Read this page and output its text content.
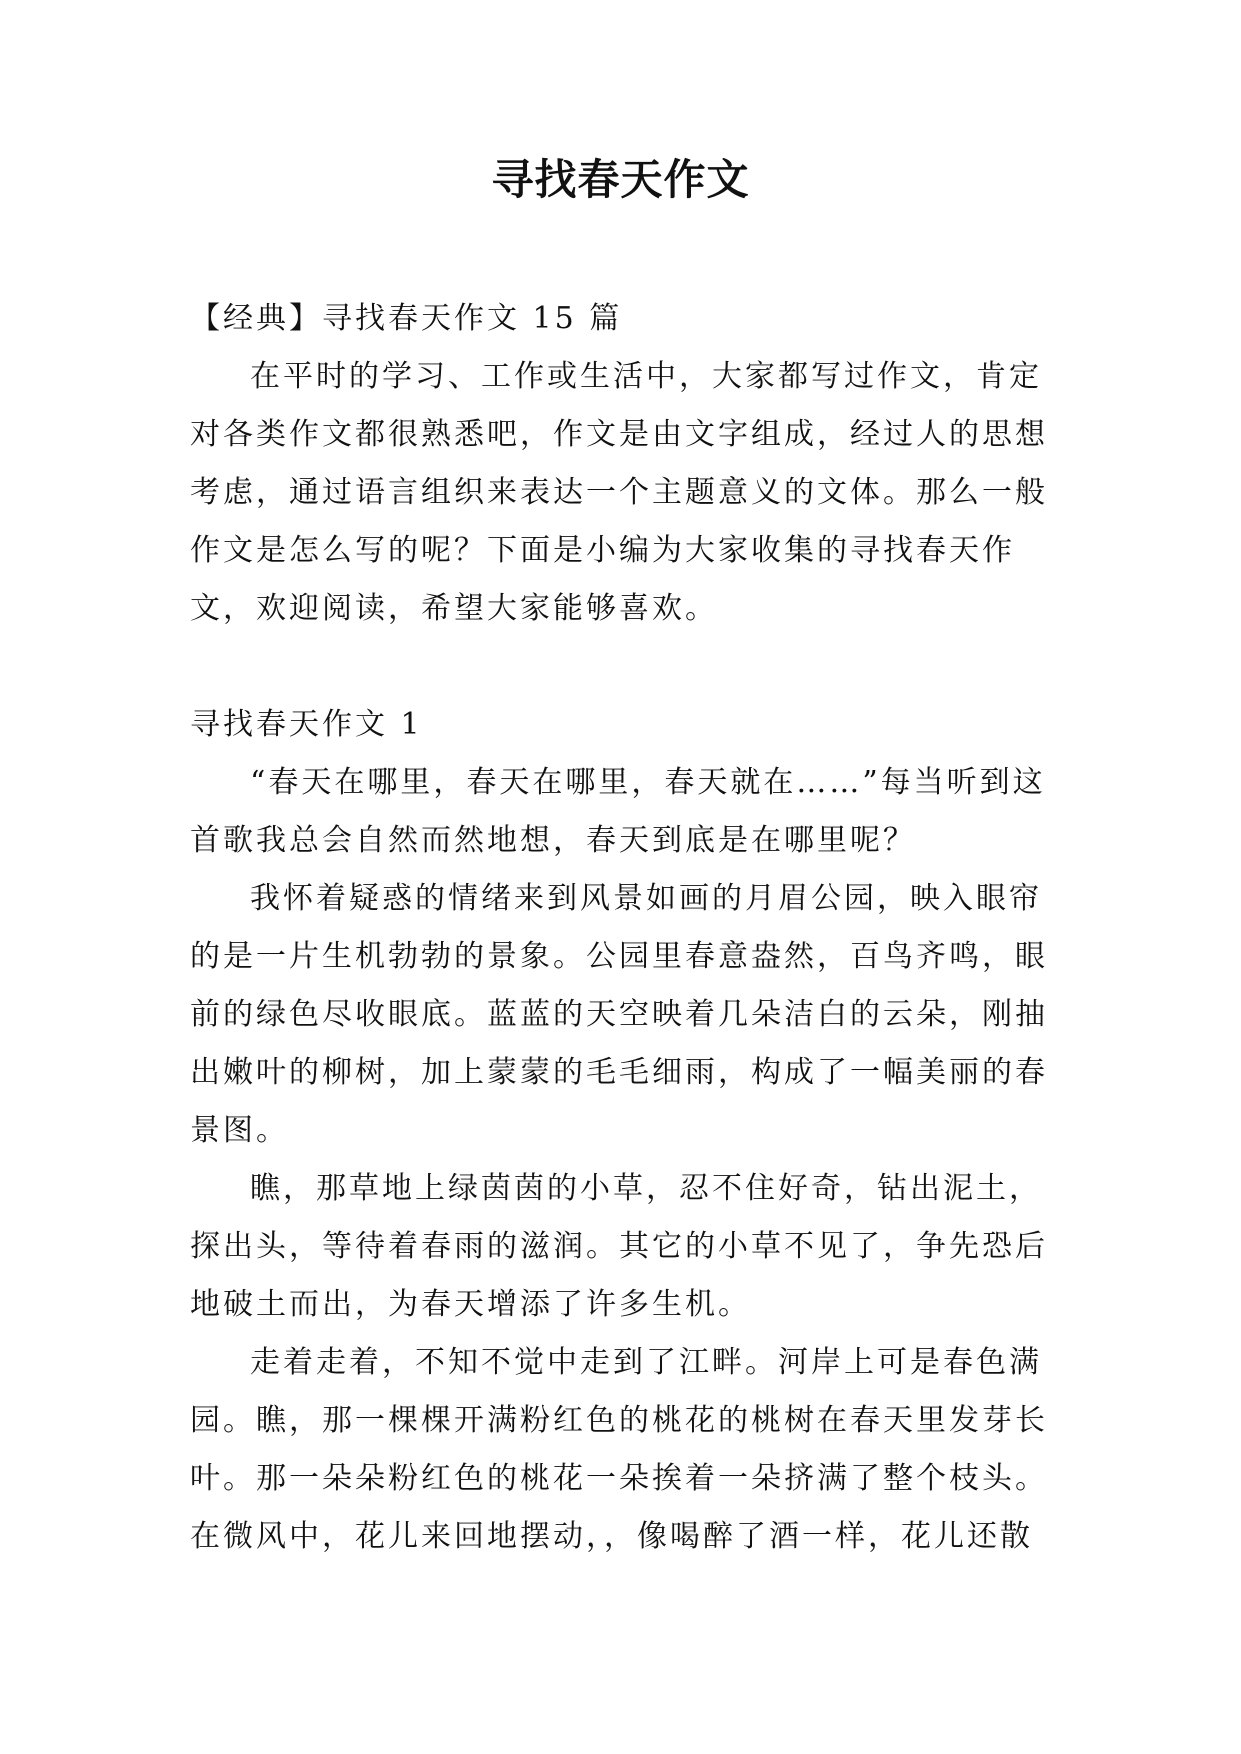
寻找春天作文
【经典】寻找春天作文 15 篇

在平时的学习、工作或生活中，大家都写过作文，肯定对各类作文都很熟悉吧，作文是由文字组成，经过人的思想考虑，通过语言组织来表达一个主题意义的文体。那么一般作文是怎么写的呢？下面是小编为大家收集的寻找春天作文，欢迎阅读，希望大家能够喜欢。

寻找春天作文 1

“春天在哪里，春天在哪里，春天就在……”每当听到这首歌我总会自然而然地想，春天到底是在哪里呢？

我怀着疑惑的情绪来到风景如画的月眉公园，映入眼帘的是一片生机勃勃的景象。公园里春意盎然，百鸟齐鸣，眼前的绿色尽收眼底。蓝蓝的天空映着几朵洁白的云朵，刚抽出嫩叶的柳树，加上蒙蒙的毛毛细雨，构成了一幅美丽的春景图。

瞧，那草地上绿茵茵的小草，忍不住好奇，钻出泥土，探出头，等待着春雨的滋润。其它的小草不见了，争先恐后地破土而出，为春天增添了许多生机。

走着走着，不知不觉中走到了江畔。河岸上可是春色满园。瞧，那一棵棵开满粉红色的桃花的桃树在春天里发芽长叶。那一朵朵粉红色的桃花一朵挨着一朵挤满了整个枝头。在微风中，花儿来回地摆动，，像喝醉了酒一样，花儿还散
